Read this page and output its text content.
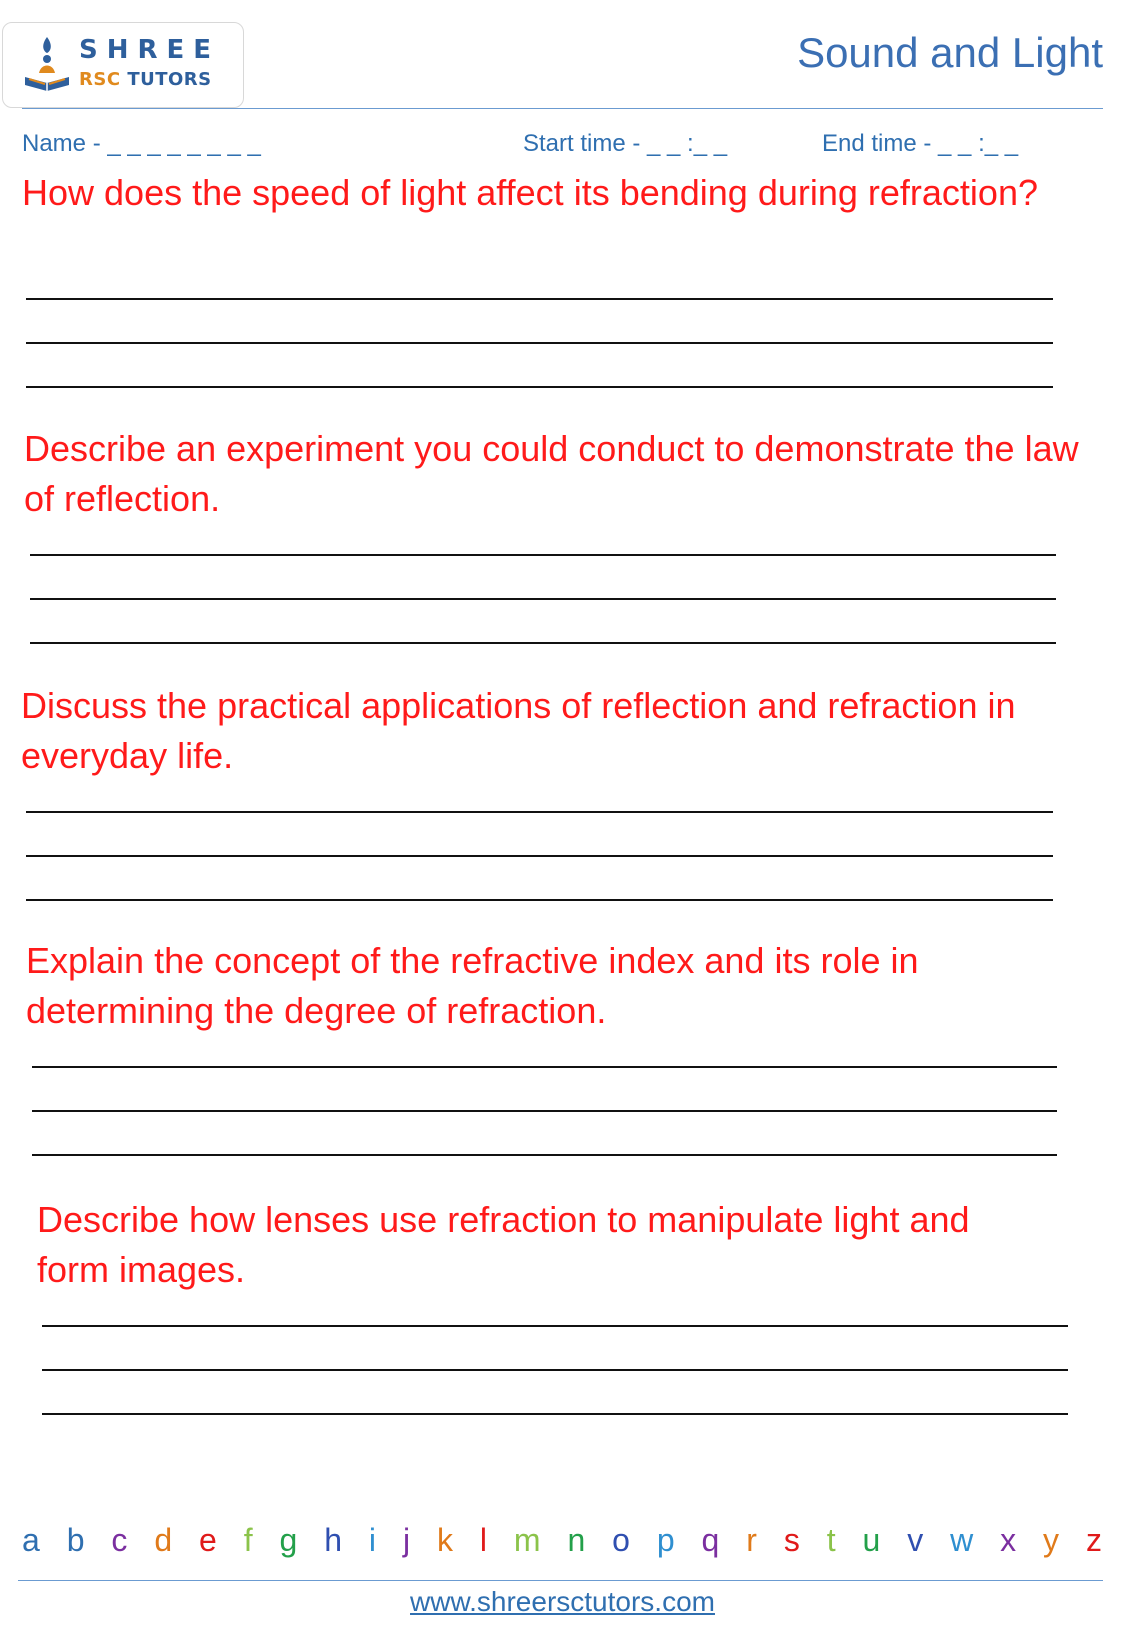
SHREE
RSC TUTORS
Sound and Light
Name - _ _ _ _ _ _ _ _	Start time - _ _ :_ _	End time - _ _ :_ _
How does the speed of light affect its bending during refraction?
Describe an experiment you could conduct to demonstrate the law of reflection.
Discuss the practical applications of reflection and refraction in everyday life.
Explain the concept of the refractive index and its role in determining the degree of refraction.
Describe how lenses use refraction to manipulate light and form images.
a b c d e f g h i j k l m n o p q r s t u v w x y z
www.shreersctutors.com
